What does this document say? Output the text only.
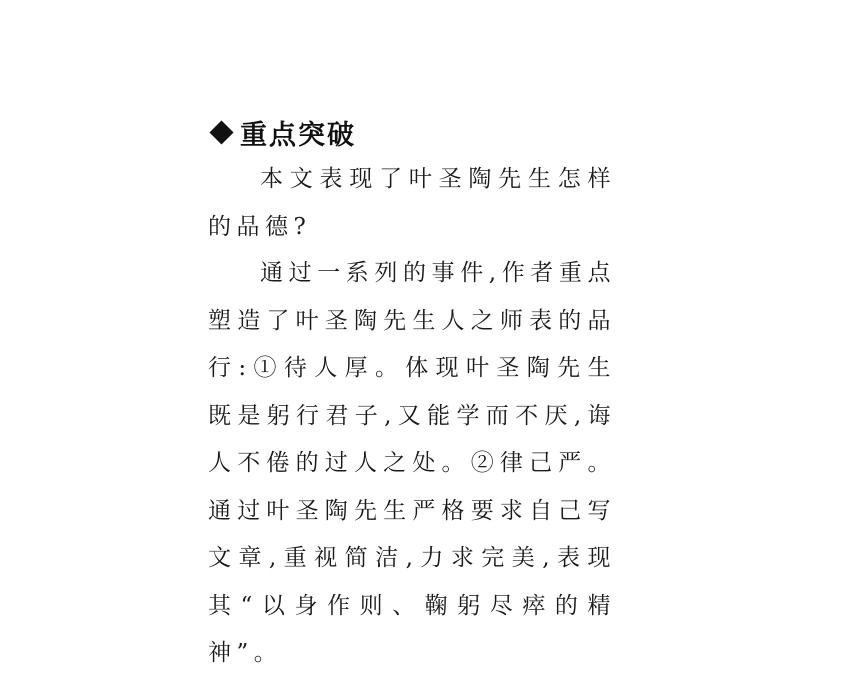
重点突破

本文表现了叶圣陶先生怎样的品德?

通过一系列的事件,作者重点塑造了叶圣陶先生人之师表的品行:①待人厚。体现叶圣陶先生既是躬行君子,又能学而不厌,诲人不倦的过人之处。②律己严。通过叶圣陶先生严格要求自己写文章,重视简洁,力求完美,表现其“以身作则、鞠躬尽瘁的精神”。
